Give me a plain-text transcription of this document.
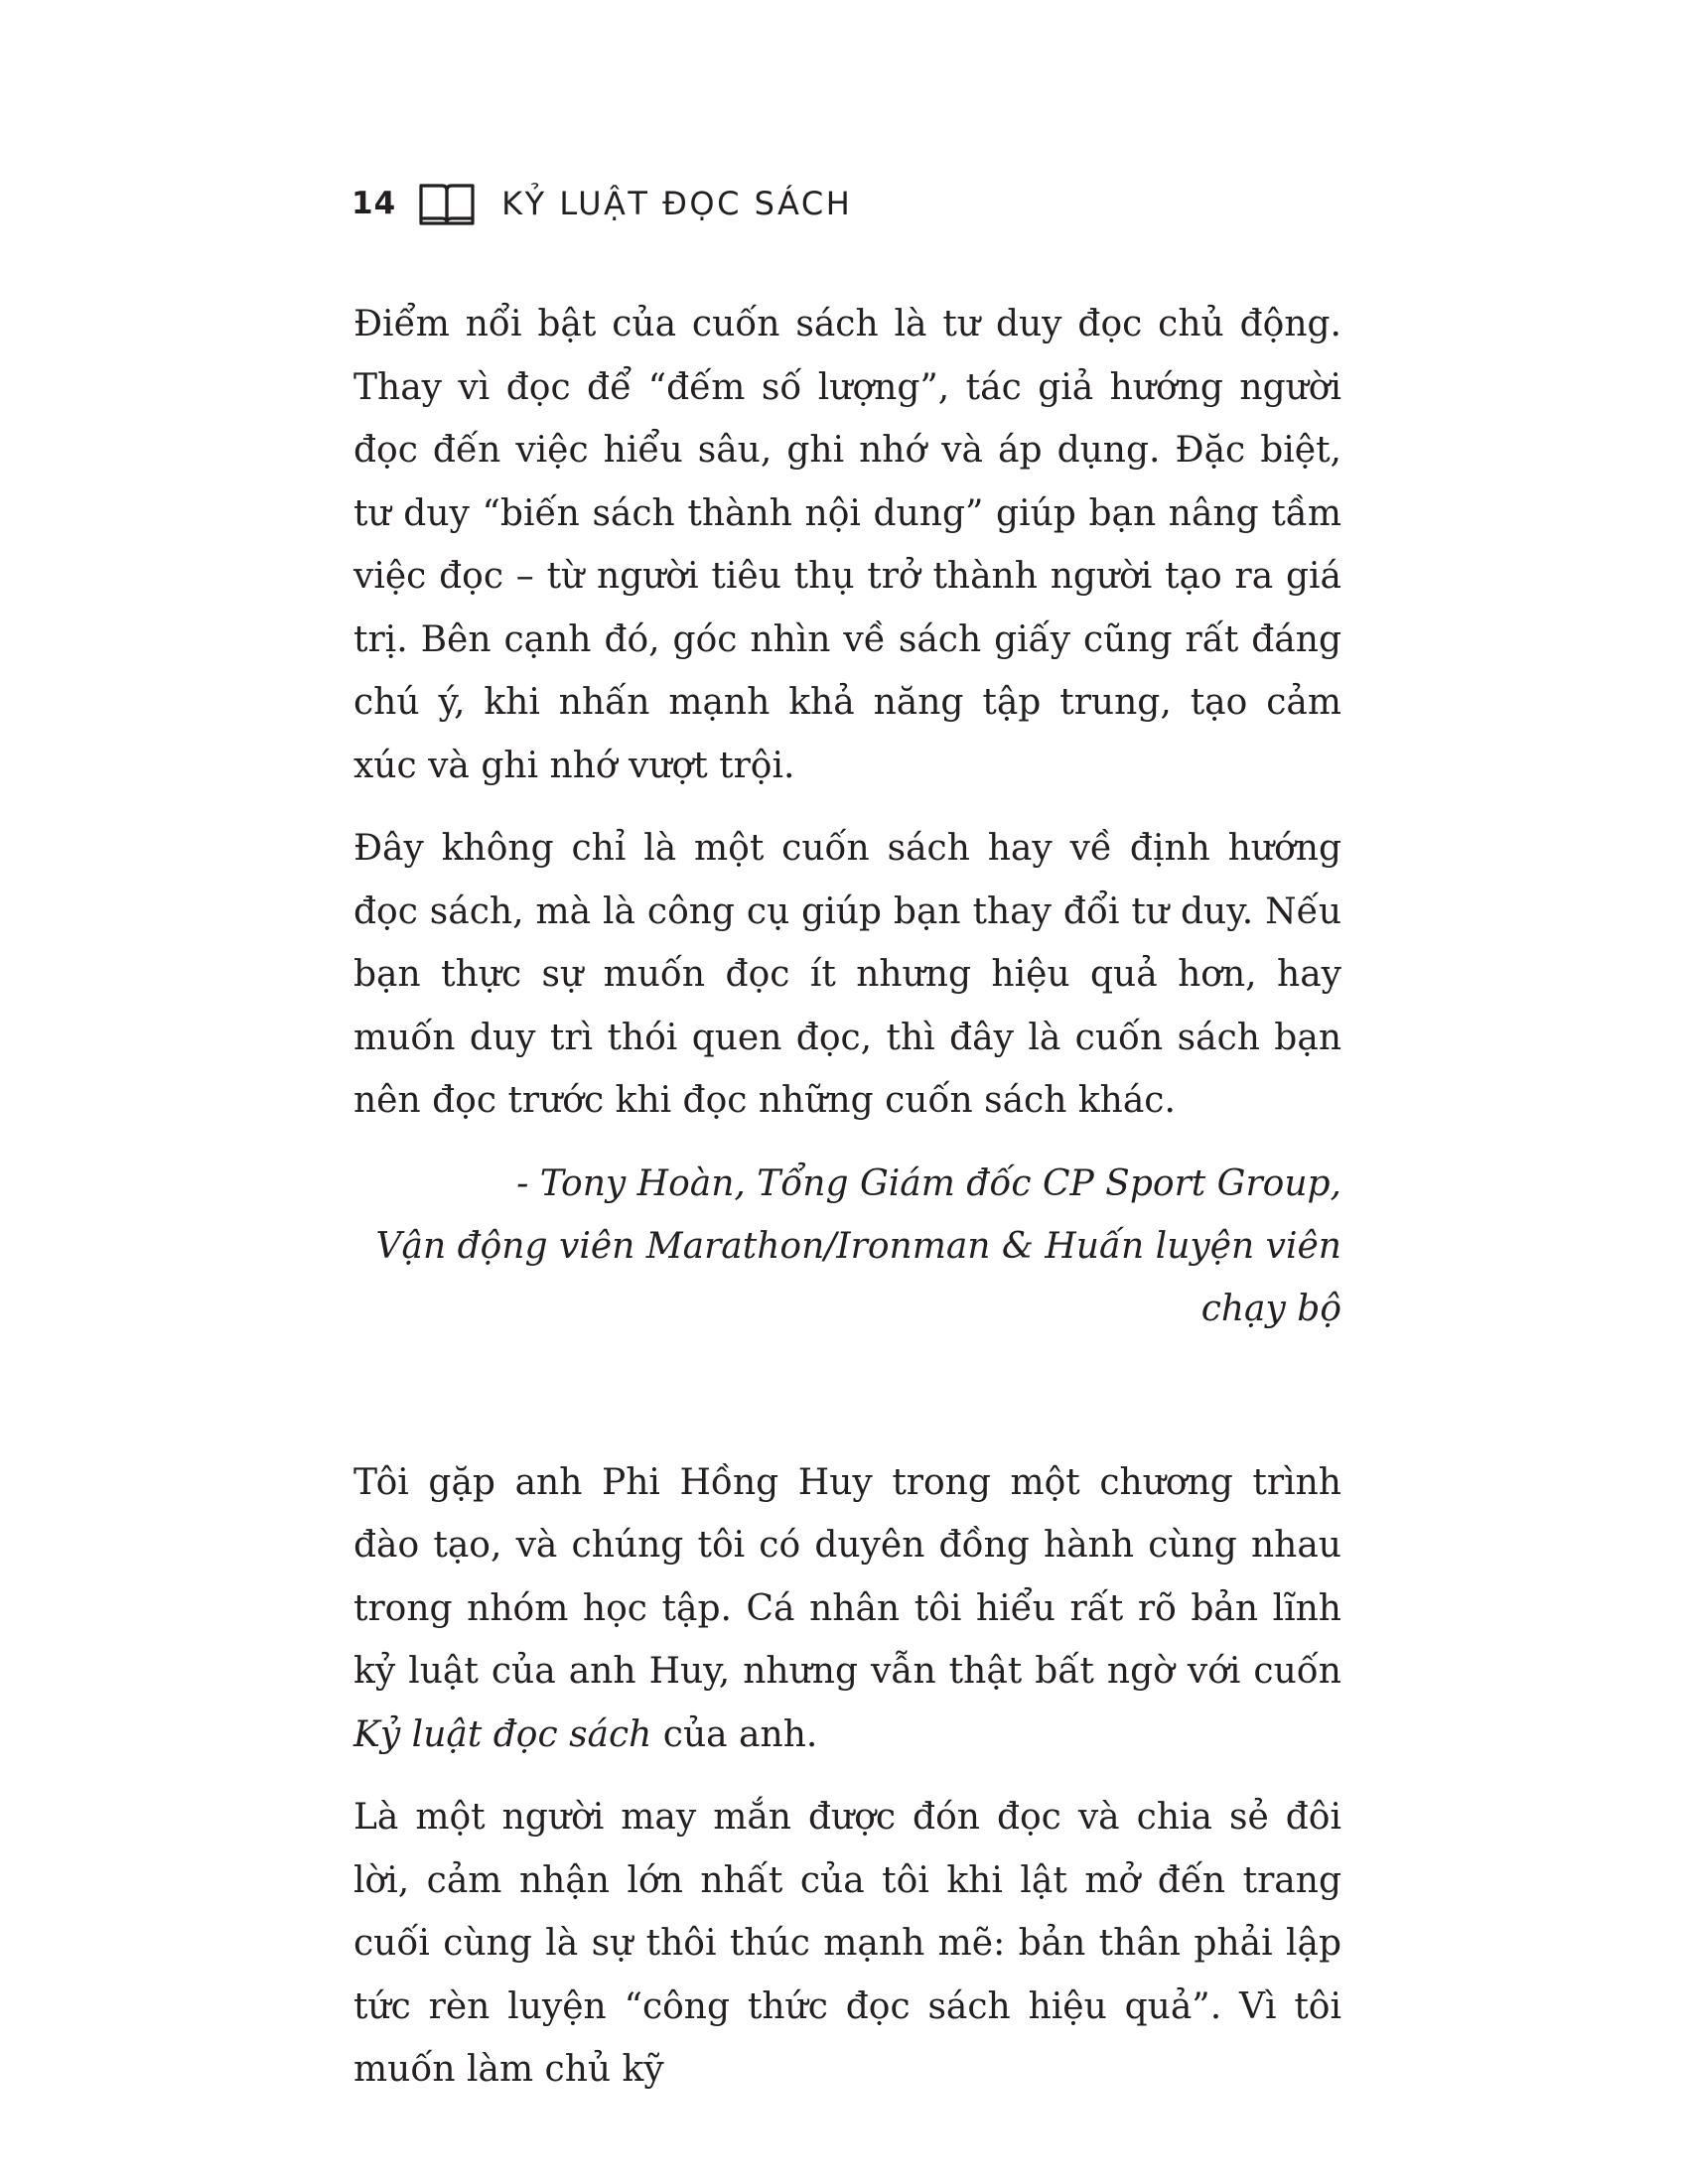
14	KỶ LUẬT ĐỌC SÁCH

Điểm nổi bật của cuốn sách là tư duy đọc chủ động. Thay vì đọc để “đếm số lượng”, tác giả hướng người đọc đến việc hiểu sâu, ghi nhớ và áp dụng. Đặc biệt, tư duy “biến sách thành nội dung” giúp bạn nâng tầm việc đọc – từ người tiêu thụ trở thành người tạo ra giá trị. Bên cạnh đó, góc nhìn về sách giấy cũng rất đáng chú ý, khi nhấn mạnh khả năng tập trung, tạo cảm xúc và ghi nhớ vượt trội.

Đây không chỉ là một cuốn sách hay về định hướng đọc sách, mà là công cụ giúp bạn thay đổi tư duy. Nếu bạn thực sự muốn đọc ít nhưng hiệu quả hơn, hay muốn duy trì thói quen đọc, thì đây là cuốn sách bạn nên đọc trước khi đọc những cuốn sách khác.

- Tony Hoàn, Tổng Giám đốc CP Sport Group,
Vận động viên Marathon/Ironman & Huấn luyện viên chạy bộ

Tôi gặp anh Phi Hồng Huy trong một chương trình đào tạo, và chúng tôi có duyên đồng hành cùng nhau trong nhóm học tập. Cá nhân tôi hiểu rất rõ bản lĩnh kỷ luật của anh Huy, nhưng vẫn thật bất ngờ với cuốn Kỷ luật đọc sách của anh.

Là một người may mắn được đón đọc và chia sẻ đôi lời, cảm nhận lớn nhất của tôi khi lật mở đến trang cuối cùng là sự thôi thúc mạnh mẽ: bản thân phải lập tức rèn luyện “công thức đọc sách hiệu quả”. Vì tôi muốn làm chủ kỹ
